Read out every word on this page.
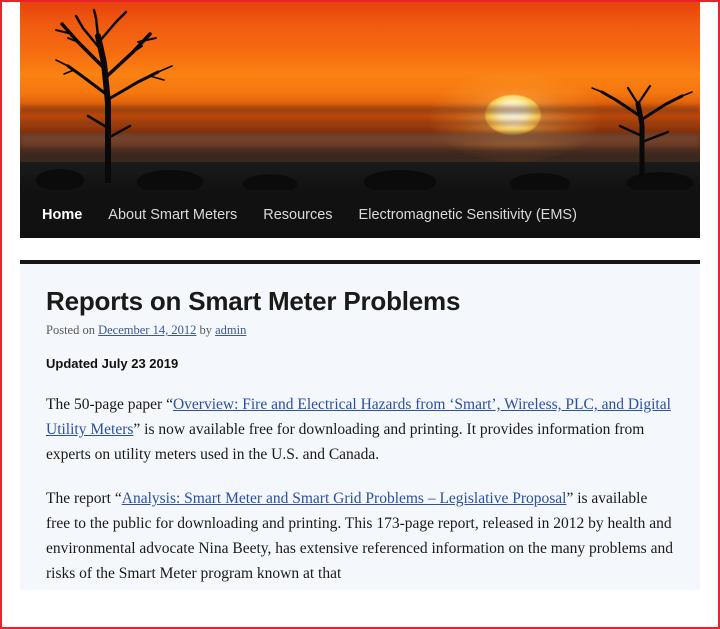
Home About Smart Meters Resources Electromagnetic Sensitivity (EMS)
Reports on Smart Meter Problems
Posted on December 14, 2012 by admin

Updated July 23 2019

The 50-page paper “Overview: Fire and Electrical Hazards from ‘Smart’, Wireless, PLC, and Digital Utility Meters” is now available free for downloading and printing. It provides information from experts on utility meters used in the U.S. and Canada.

The report “Analysis: Smart Meter and Smart Grid Problems – Legislative Proposal” is available free to the public for downloading and printing. This 173-page report, released in 2012 by health and environmental advocate Nina Beety, has extensive referenced information on the many problems and risks of the Smart Meter program known at that
